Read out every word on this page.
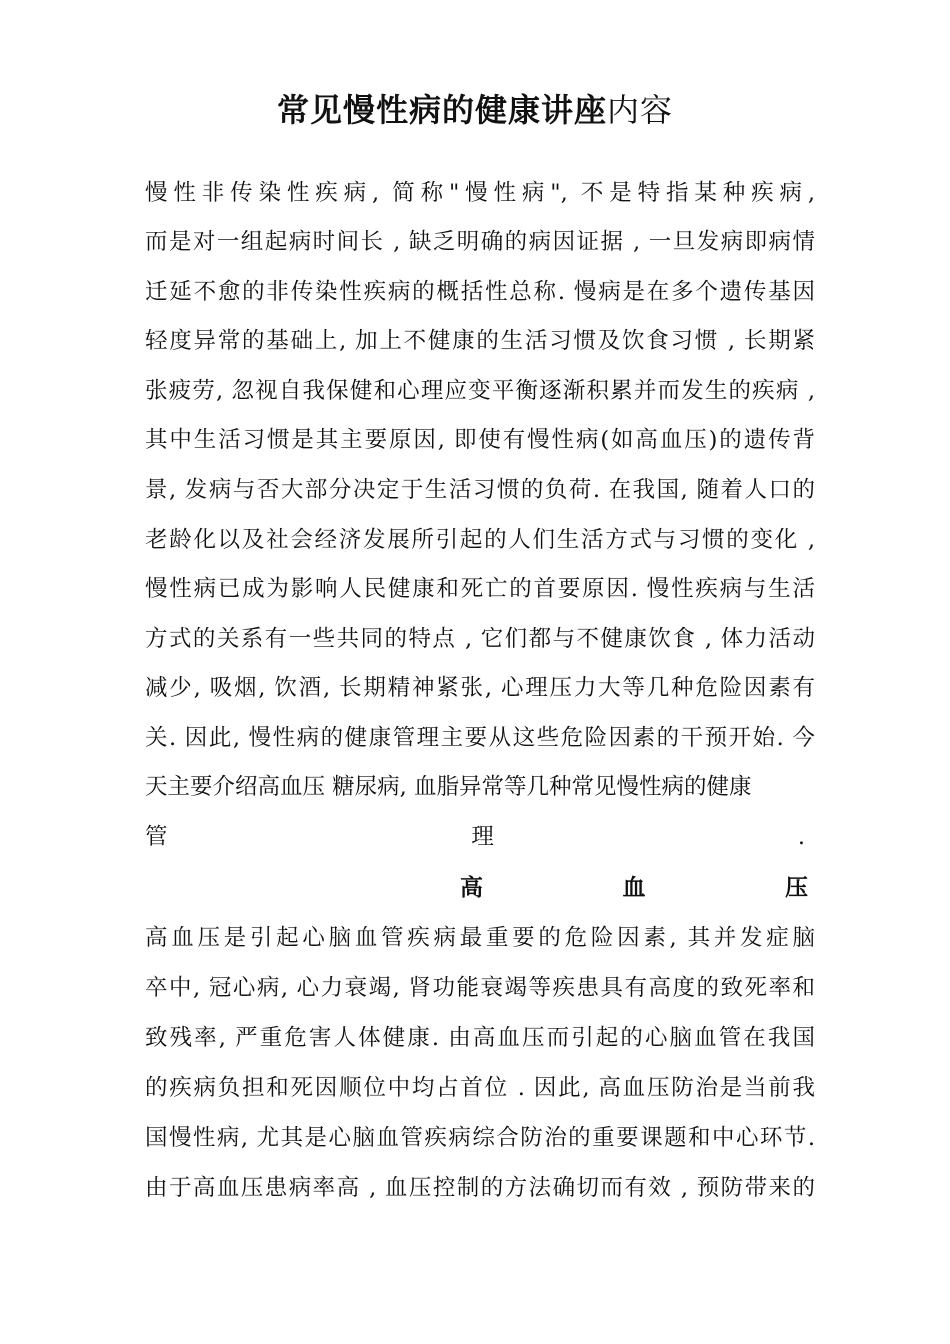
常见慢性病的健康讲座内容
慢性非传染性疾病, 简称"慢性病", 不是特指某种疾病,
而是对一组起病时间长 , 缺乏明确的病因证据 , 一旦发病即病情
迁延不愈的非传染性疾病的概括性总称. 慢病是在多个遗传基因
轻度异常的基础上, 加上不健康的生活习惯及饮食习惯 , 长期紧
张疲劳, 忽视自我保健和心理应变平衡逐渐积累并而发生的疾病 ,
其中生活习惯是其主要原因, 即使有慢性病(如高血压)的遗传背
景, 发病与否大部分决定于生活习惯的负荷. 在我国, 随着人口的
老龄化以及社会经济发展所引起的人们生活方式与习惯的变化 ,
慢性病已成为影响人民健康和死亡的首要原因. 慢性疾病与生活
方式的关系有一些共同的特点 , 它们都与不健康饮食 , 体力活动
减少, 吸烟, 饮酒, 长期精神紧张, 心理压力大等几种危险因素有
关. 因此, 慢性病的健康管理主要从这些危险因素的干预开始. 今
天主要介绍高血压 糖尿病, 血脂异常等几种常见慢性病的健康
管 理 .
高 血 压
高血压是引起心脑血管疾病最重要的危险因素, 其并发症脑
卒中, 冠心病, 心力衰竭, 肾功能衰竭等疾患具有高度的致死率和
致残率, 严重危害人体健康. 由高血压而引起的心脑血管在我国
的疾病负担和死因顺位中均占首位 . 因此, 高血压防治是当前我
国慢性病, 尤其是心脑血管疾病综合防治的重要课题和中心环节.
由于高血压患病率高 , 血压控制的方法确切而有效 , 预防带来的
